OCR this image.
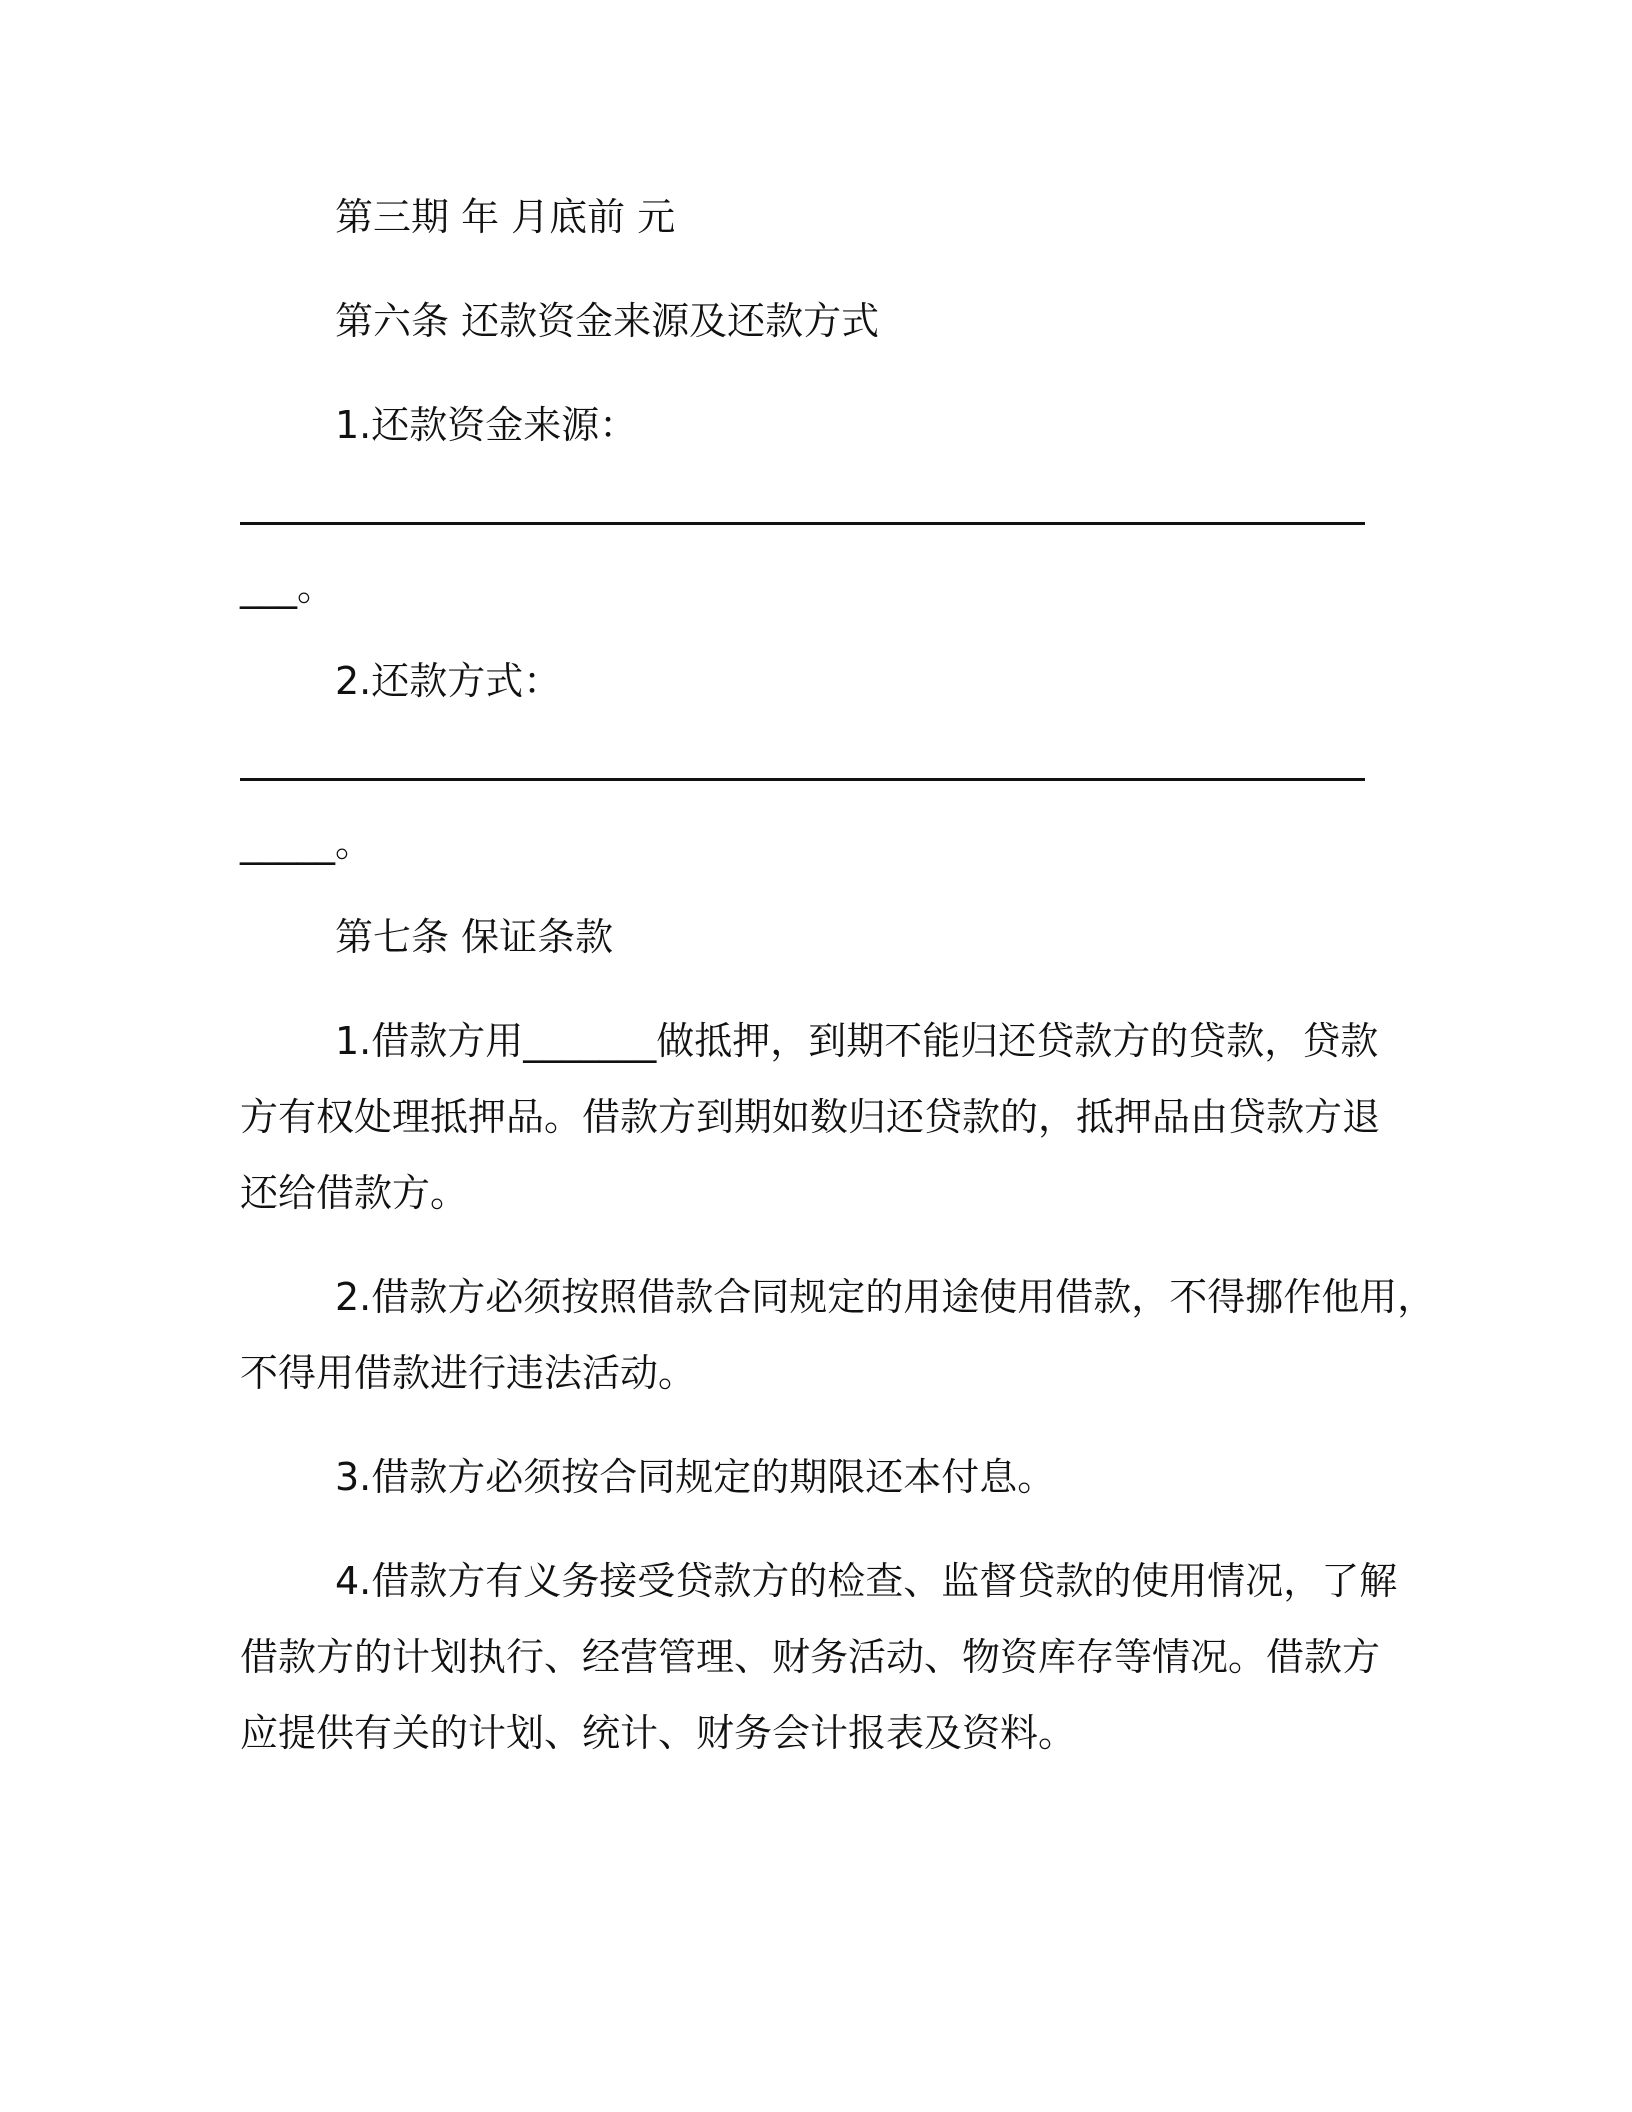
第三期 年 月底前 元
第六条 还款资金来源及还款方式
1.还款资金来源：
___。
2.还款方式：
_____。
第七条 保证条款
1.借款方用_______做抵押，到期不能归还贷款方的贷款，贷款
方有权处理抵押品。借款方到期如数归还贷款的，抵押品由贷款方退
还给借款方。
2.借款方必须按照借款合同规定的用途使用借款，不得挪作他用，
不得用借款进行违法活动。
3.借款方必须按合同规定的期限还本付息。
4.借款方有义务接受贷款方的检查、监督贷款的使用情况，了解
借款方的计划执行、经营管理、财务活动、物资库存等情况。借款方
应提供有关的计划、统计、财务会计报表及资料。
